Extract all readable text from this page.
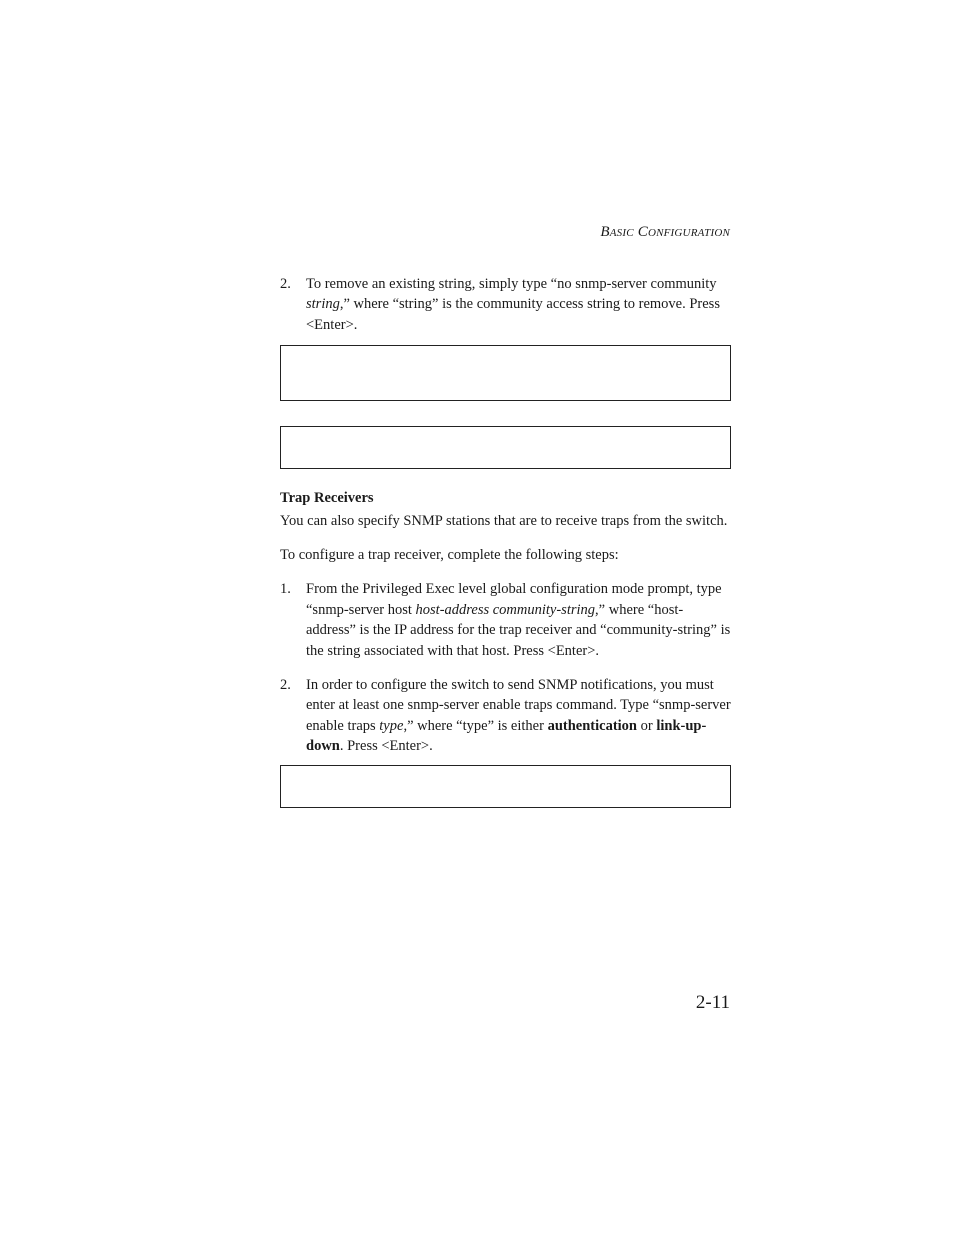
BASIC CONFIGURATION
2.	To remove an existing string, simply type “no snmp-server community string,” where “string” is the community access string to remove. Press <Enter>.
Trap Receivers
You can also specify SNMP stations that are to receive traps from the switch.
To configure a trap receiver, complete the following steps:
1.	From the Privileged Exec level global configuration mode prompt, type “snmp-server host host-address community-string,” where “host-address” is the IP address for the trap receiver and “community-string” is the string associated with that host. Press <Enter>.
2.	In order to configure the switch to send SNMP notifications, you must enter at least one snmp-server enable traps command. Type “snmp-server enable traps type,” where “type” is either authentication or link-up-down. Press <Enter>.
2-11
